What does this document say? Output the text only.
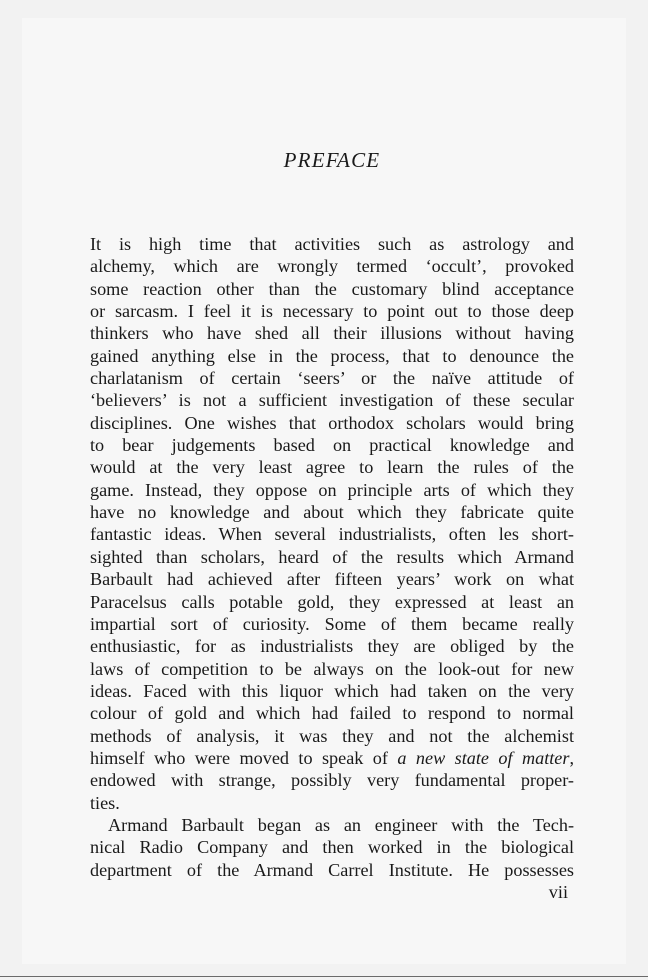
PREFACE
It is high time that activities such as astrology and
alchemy, which are wrongly termed ‘occult’, provoked
some reaction other than the customary blind acceptance
or sarcasm. I feel it is necessary to point out to those deep
thinkers who have shed all their illusions without having
gained anything else in the process, that to denounce the
charlatanism of certain ‘seers’ or the naïve attitude of
‘believers’ is not a sufficient investigation of these secular
disciplines. One wishes that orthodox scholars would bring
to bear judgements based on practical knowledge and
would at the very least agree to learn the rules of the
game. Instead, they oppose on principle arts of which they
have no knowledge and about which they fabricate quite
fantastic ideas. When several industrialists, often les short-
sighted than scholars, heard of the results which Armand
Barbault had achieved after fifteen years’ work on what
Paracelsus calls potable gold, they expressed at least an
impartial sort of curiosity. Some of them became really
enthusiastic, for as industrialists they are obliged by the
laws of competition to be always on the look-out for new
ideas. Faced with this liquor which had taken on the very
colour of gold and which had failed to respond to normal
methods of analysis, it was they and not the alchemist
himself who were moved to speak of a new state of matter,
endowed with strange, possibly very fundamental proper-
ties.
Armand Barbault began as an engineer with the Tech-
nical Radio Company and then worked in the biological
department of the Armand Carrel Institute. He possesses
vii
